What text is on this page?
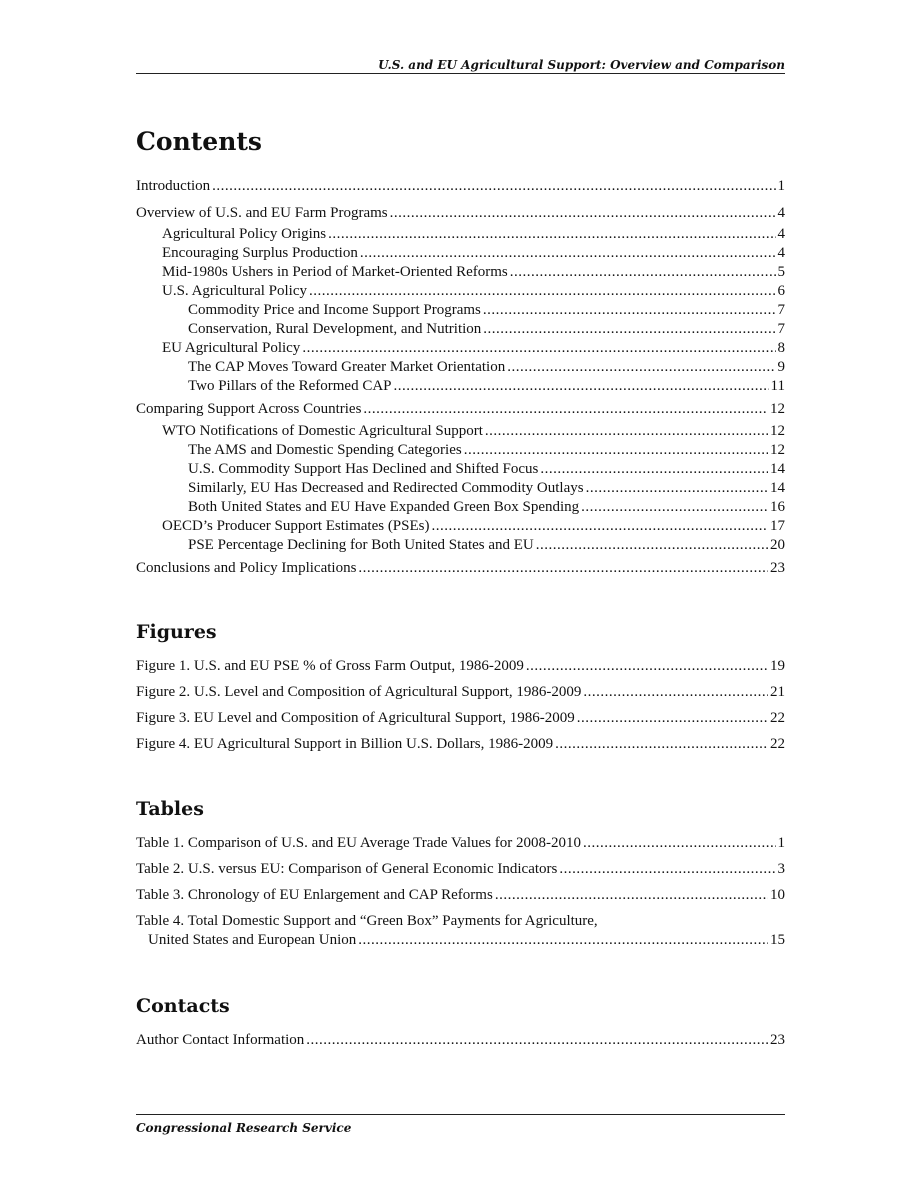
U.S. and EU Agricultural Support: Overview and Comparison
Contents
Introduction .....	1
Overview of U.S. and EU Farm Programs .....	4
Agricultural Policy Origins .....	4
Encouraging Surplus Production .....	4
Mid-1980s Ushers in Period of Market-Oriented Reforms .....	5
U.S. Agricultural Policy .....	6
Commodity Price and Income Support Programs .....	7
Conservation, Rural Development, and Nutrition .....	7
EU Agricultural Policy .....	8
The CAP Moves Toward Greater Market Orientation .....	9
Two Pillars of the Reformed CAP .....	11
Comparing Support Across Countries .....	12
WTO Notifications of Domestic Agricultural Support .....	12
The AMS and Domestic Spending Categories .....	12
U.S. Commodity Support Has Declined and Shifted Focus .....	14
Similarly, EU Has Decreased and Redirected Commodity Outlays .....	14
Both United States and EU Have Expanded Green Box Spending .....	16
OECD’s Producer Support Estimates (PSEs) .....	17
PSE Percentage Declining for Both United States and EU .....	20
Conclusions and Policy Implications .....	23
Figures
Figure 1. U.S. and EU PSE % of Gross Farm Output, 1986-2009 .....	19
Figure 2. U.S. Level and Composition of Agricultural Support, 1986-2009 .....	21
Figure 3. EU Level and Composition of Agricultural Support, 1986-2009 .....	22
Figure 4. EU Agricultural Support in Billion U.S. Dollars, 1986-2009 .....	22
Tables
Table 1. Comparison of U.S. and EU Average Trade Values for 2008-2010 .....	1
Table 2. U.S. versus EU: Comparison of General Economic Indicators .....	3
Table 3. Chronology of EU Enlargement and CAP Reforms .....	10
Table 4. Total Domestic Support and “Green Box” Payments for Agriculture,
United States and European Union .....	15
Contacts
Author Contact Information .....	23
Congressional Research Service
